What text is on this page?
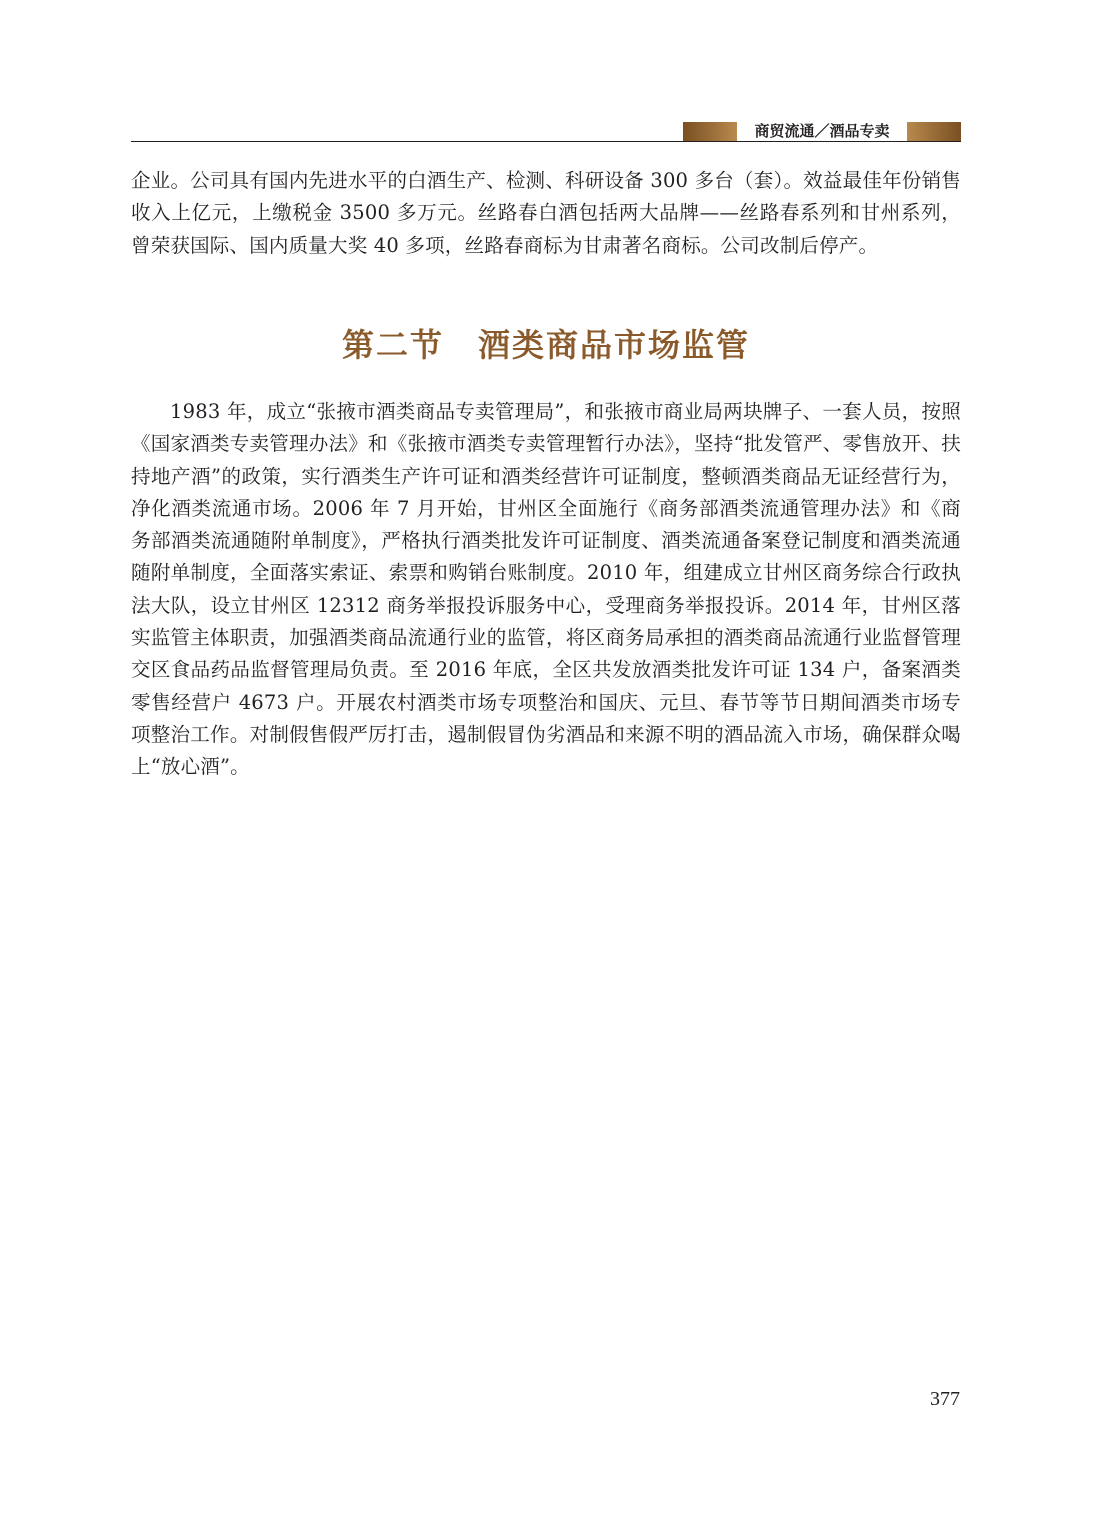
商贸流通／酒品专卖

企业。公司具有国内先进水平的白酒生产、检测、科研设备 300 多台（套）。效益最佳年份销售收入上亿元，上缴税金 3500 多万元。丝路春白酒包括两大品牌——丝路春系列和甘州系列，曾荣获国际、国内质量大奖 40 多项，丝路春商标为甘肃著名商标。公司改制后停产。

第二节　酒类商品市场监管

1983 年，成立“张掖市酒类商品专卖管理局”，和张掖市商业局两块牌子、一套人员，按照《国家酒类专卖管理办法》和《张掖市酒类专卖管理暂行办法》，坚持“批发管严、零售放开、扶持地产酒”的政策，实行酒类生产许可证和酒类经营许可证制度，整顿酒类商品无证经营行为，净化酒类流通市场。2006 年 7 月开始，甘州区全面施行《商务部酒类流通管理办法》和《商务部酒类流通随附单制度》，严格执行酒类批发许可证制度、酒类流通备案登记制度和酒类流通随附单制度，全面落实索证、索票和购销台账制度。2010 年，组建成立甘州区商务综合行政执法大队，设立甘州区 12312 商务举报投诉服务中心，受理商务举报投诉。2014 年，甘州区落实监管主体职责，加强酒类商品流通行业的监管，将区商务局承担的酒类商品流通行业监督管理交区食品药品监督管理局负责。至 2016 年底，全区共发放酒类批发许可证 134 户，备案酒类零售经营户 4673 户。开展农村酒类市场专项整治和国庆、元旦、春节等节日期间酒类市场专项整治工作。对制假售假严厉打击，遏制假冒伪劣酒品和来源不明的酒品流入市场，确保群众喝上“放心酒”。

377
